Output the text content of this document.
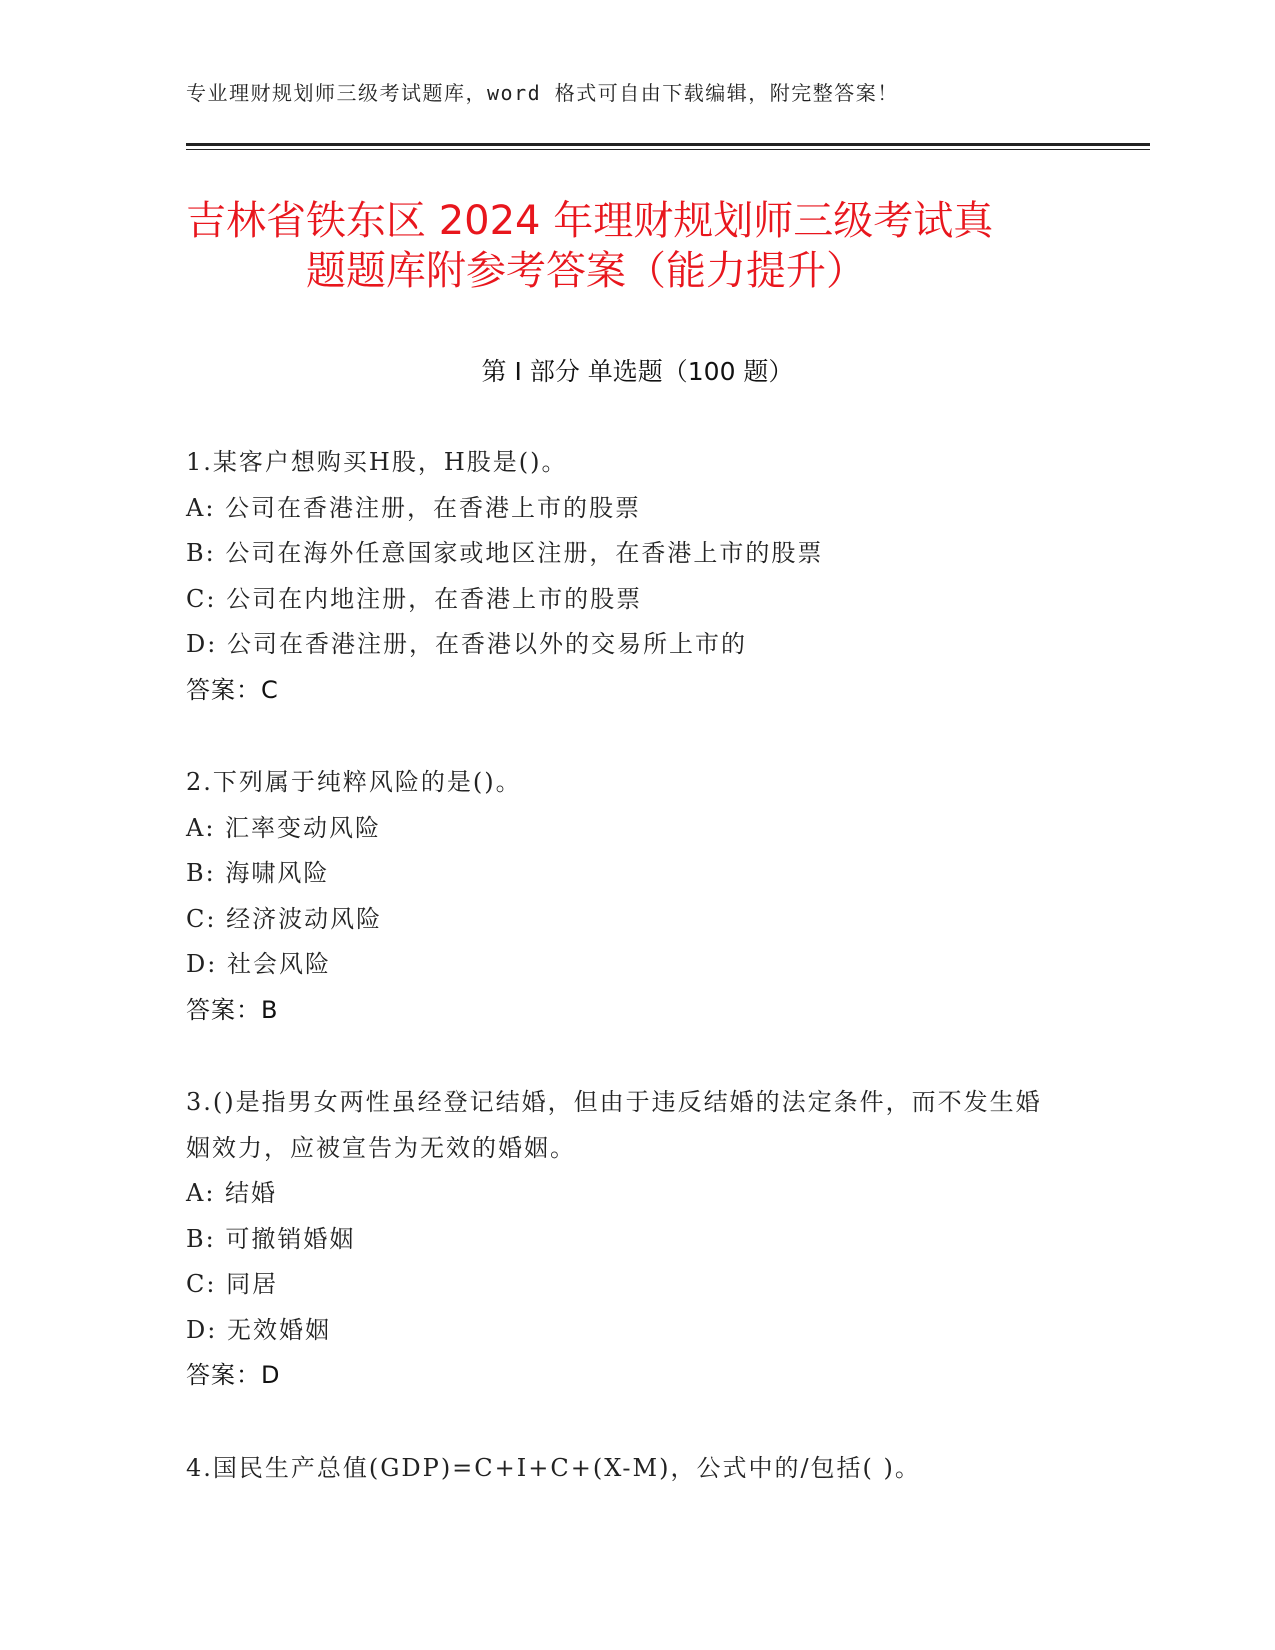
专业理财规划师三级考试题库，word 格式可自由下载编辑，附完整答案！
吉林省铁东区 2024 年理财规划师三级考试真
题题库附参考答案（能力提升）
第 I 部分 单选题（100 题）
1.某客户想购买H股，H股是()。
A: 公司在香港注册，在香港上市的股票
B: 公司在海外任意国家或地区注册，在香港上市的股票
C: 公司在内地注册，在香港上市的股票
D: 公司在香港注册，在香港以外的交易所上市的
答案：C
2.下列属于纯粹风险的是()。
A: 汇率变动风险
B: 海啸风险
C: 经济波动风险
D: 社会风险
答案：B
3.()是指男女两性虽经登记结婚，但由于违反结婚的法定条件，而不发生婚姻效力，应被宣告为无效的婚姻。
A: 结婚
B: 可撤销婚姻
C: 同居
D: 无效婚姻
答案：D
4.国民生产总值(GDP)=C+I+C+(X-M)，公式中的/包括( )。
